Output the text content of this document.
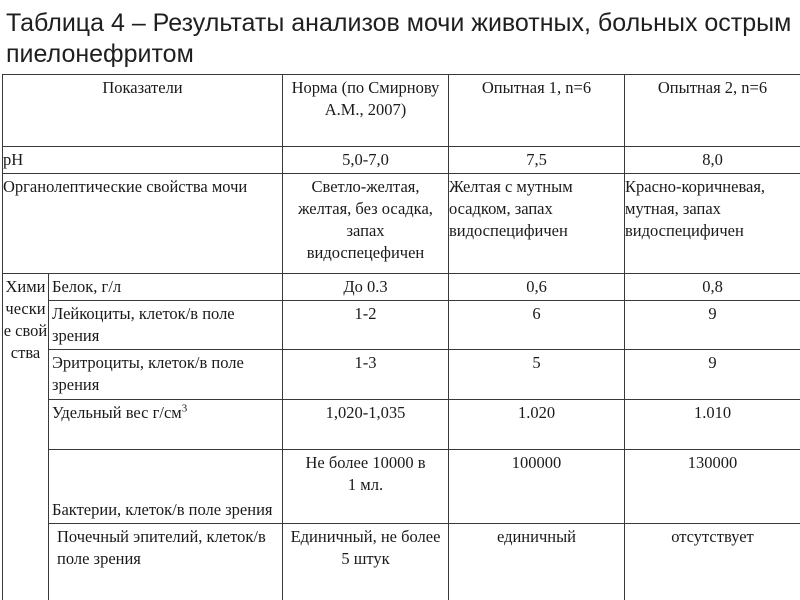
Таблица 4 – Результаты анализов мочи животных, больных острым пиелонефритом
Показатели		Норма (по Смирнову А.М., 2007)	Опытная 1, n=6	Опытная 2, n=6
pH		5,0-7,0	7,5	8,0
Органолептические свойства мочи		Светло-желтая, желтая, без осадка, запах видоспецефичен	Желтая с мутным осадком, запах видоспецифичен	Красно-коричневая, мутная, запах видоспецифичен
Химические свойства	Белок, г/л	До 0.3	0,6	0,8
	Лейкоциты, клеток/в поле зрения	1-2	6	9
	Эритроциты, клеток/в поле зрения	1-3	5	9
	Удельный вес $г/см^3$	1,020-1,035	1.020	1.010
	Бактерии, клеток/в поле зрения	Не более 10000 в 1 мл.	100000	130000
	Почечный эпителий, клеток/в поле зрения	Единичный, не более 5 штук	единичный	отсутствует
